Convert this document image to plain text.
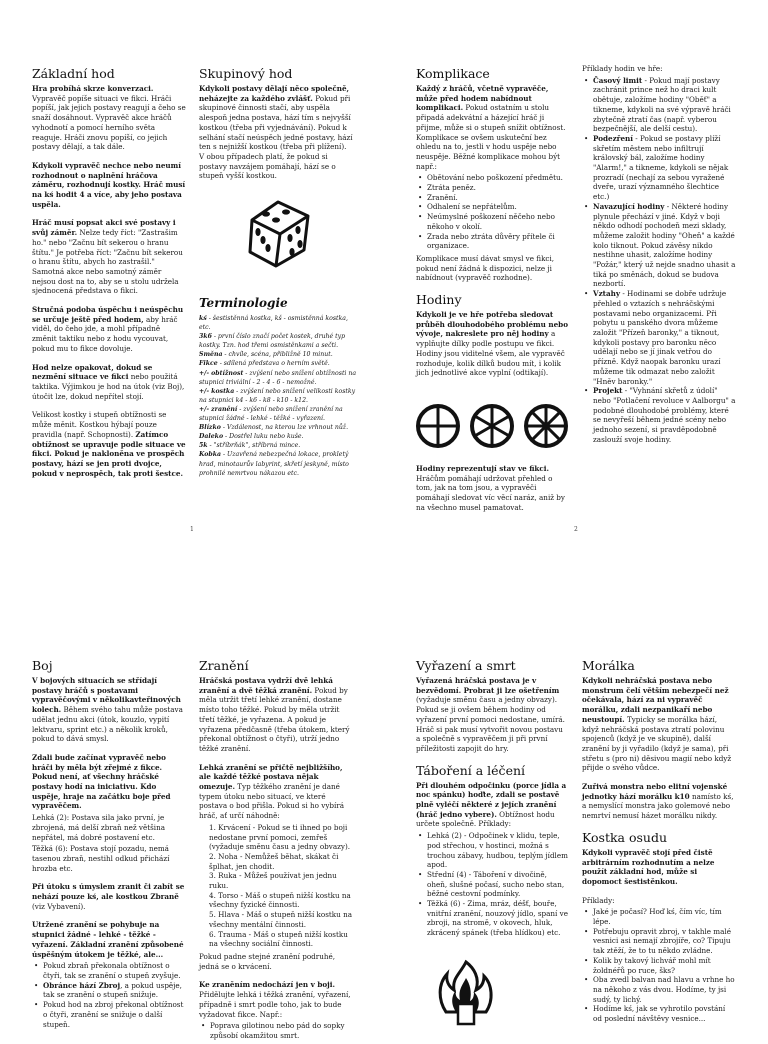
Základní hod

Hra probíhá skrze konverzaci. Vypravěč popíše situaci ve fikci. Hráči popíší, jak jejich postavy reagují a čeho se snaží dosáhnout. Vypravěč akce hráčů vyhodnotí a pomocí herního světa reaguje. Hráči znovu popíší, co jejich postavy dělají, a tak dále.

Kdykoli vypravěč nechce nebo neumí rozhodnout o naplnění hráčova záměru, rozhodnují kostky. Hráč musí na kś hodit 4 a více, aby jeho postava uspěla.

Hráč musí popsat akci své postavy i svůj záměr. Nelze tedy říct: "Zastrašim ho." nebo "Začnu bít sekerou o hranu štítu." Je potřeba říct: "Začnu bít sekerou o hranu štítu, abych ho zastrašil." Samotná akce nebo samotný záměr nejsou dost na to, aby se u stolu udržela sjednocená představa o fikci.

Stručná podoba úspěchu i neúspěchu se určuje ještě před hodem, aby hráč viděl, do čeho jde, a mohl případně změnit taktiku nebo z hodu vycouvat, pokud mu to fikce dovoluje.

Hod nelze opakovat, dokud se nezmění situace ve fikci nebo použitá taktika. Výjimkou je hod na útok (viz Boj), útočit lze, dokud nepřítel stojí.

Velikost kostky i stupeň obtížnosti se může měnit. Kostkou hýbají pouze pravidla (např. Schopnosti). Zatímco obtížnost se upravuje podle situace ve fikci. Pokud je nakloněna ve prospěch postavy, hází se jen proti dvojce, pokud v neprospěch, tak proti šestce.

Skupinový hod

Kdykoli postavy dělají něco společně, neházejte za každého zvlášť. Pokud při skupinové činnosti stačí, aby uspěla alespoň jedna postava, hází tím s nejvyšší kostkou (třeba při vyjednávání). Pokud k selhání stačí neúspěch jedné postavy, hází ten s nejnižší kostkou (třeba při plížení). V obou případech platí, že pokud si postavy navzájem pomáhají, hází se o stupeň vyšší kostkou.

Terminologie
kś - šestistěnná kostka, kš - osmistěnná kostka, etc.
3k6 - první číslo značí počet kostek, druhé typ kostky. Tzn. hod třemi osmistěnkami a sečti.
Směna - chvíle, scéna, přibližně 10 minut.
Fikce - sdílená představa o herním světě.
+/- obtížnost - zvýšení nebo snížení obtížnosti na stupnici triviální - 2 - 4 - 6 - nemožné.
+/- kostka - zvýšení nebo snížení velikosti kostky na stupnici k4 - k6 - k8 - k10 - k12.
+/- zranění - zvýšení nebo snížení zranění na stupnici žádné - lehké - těžké - vyřazení.
Blízko - Vzdálenost, na kterou lze vrhnout nůž.
Daleko - Dostřel luku nebo kuše.
5k - "stříbrňák", stříbrná mince.
Kobka - Uzavřená nebezpečná lokace, prokletý hrad, minotaurův labyrint, skřetí jeskyně, místo prohnilé nemrtvou nákazou etc.
1
Komplikace

Každý z hráčů, včetně vypravěče, může před hodem nabídnout komplikaci. Pokud ostatním u stolu připadá adekvátní a házející hráč ji přijme, může si o stupeň snížit obtížnost. Komplikace se ovšem uskuteční bez ohledu na to, jestli v hodu uspěje nebo neuspěje. Běžné komplikace mohou být např.:

• Obětování nebo poškození předmětu.
• Ztráta peněz.
• Zranění.
• Odhalení se nepřátelům.
• Neúmyslné poškození něčeho nebo někoho v okolí.
• Zrada nebo ztráta důvěry přítele či organizace.

Komplikace musí dávat smysl ve fikci, pokud není žádná k dispozici, nelze ji nabídnout (vypravěč rozhodne).

Hodiny

Kdykoli je ve hře potřeba sledovat průběh dlouhodobého problému nebo vývoje, nakreslete pro něj hodiny a vyplňujte dílky podle postupu ve fikci. Hodiny jsou viditelné všem, ale vypravěč rozhoduje, kolik dílků budou mít, i kolik jich jednotlivé akce vyplní (odtikají).

Hodiny reprezentují stav ve fikci. Hráčům pomáhají udržovat přehled o tom, jak na tom jsou, a vypravěči pomáhají sledovat víc věcí naráz, aniž by na všechno musel pamatovat.

Příklady hodin ve hře:

• Časový limit - Pokud mají postavy zachránit prince než ho draci kult obětuje, založíme hodiny "Oběť" a tikneme, kdykoli na své výpravě hráči zbytečně ztratí čas (např. vyberou bezpečnější, ale delší cestu).
• Podezření - Pokud se postavy plíží skřetím městem nebo infiltrují královský bál, založíme hodiny "Alarm!," a tikneme, kdykoli se nějak prozradí (nechají za sebou vyražené dveře, urazí významného šlechtice etc.)
• Navazující hodiny - Některé hodiny plynule přechází v jiné. Když v boji někdo odhodí pochodeň mezi sklady, můžeme založit hodiny "Oheň" a každé kolo tiknout. Pokud závěsy nikdo nestihne uhasit, založíme hodiny "Požár," který už nejde snadno uhasit a tiká po směnách, dokud se budova nezbortí.
• Vztahy - Hodinami se dobře udržuje přehled o vztazích s nehráčskými postavami nebo organizacemi. Při pobytu u panského dvora můžeme založit "Přízeň baronky," a tiknout, kdykoli postavy pro baronku něco udělají nebo se jí jinak vetřou do přízně. Když naopak baronku urazí můžeme tik odmazat nebo založit "Hněv baronky."
• Projekt - "Vyhnání skřetů z údolí" nebo "Potlačení revoluce v Aalborgu" a podobné dlouhodobé problémy, které se nevyřeší během jedné scény nebo jednoho sezení, si pravděpodobně zaslouží svoje hodiny.
2
Boj

V bojových situacích se střídají postavy hráčů s postavami vypravěčovými v několikavteřinových kolech. Během svého tahu může postava udělat jednu akci (útok, kouzlo, vypití lektvaru, sprint etc.) a několik kroků, pokud to dává smysl.

Zdali bude začínat vypravěč nebo hráči by měla být zřejmé z fikce. Pokud není, ať všechny hráčské postavy hodí na iniciativu. Kdo uspěje, hraje na začátku boje před vypravěčem.

Lehká (2): Postava sila jako první, je zbrojená, má delší zbraň než většina nepřátel, má dobré postavení etc.

Těžká (6): Postava stojí pozadu, nemá tasenou zbraň, nestihl odkud přichází hrozba etc.

Při útoku s úmyslem zranit či zabít se nehází pouze kś, ale kostkou Zbraně (viz Vybavení).

Utržené zranění se pohybuje na stupnici žádné - lehké - těžké - vyřazení. Základní zranění způsobené úspěšným útokem je těžké, ale...

• Pokud zbraň překonala obtížnost o čtyři, tak se zranění o stupeň zvyšuje.
• Obránce hází Zbroj, a pokud uspěje, tak se zranění o stupeň snižuje.
• Pokud hod na zbroj překonal obtížnost o čtyři, zranění se snižuje o další stupeň.
Zranění

Hráčská postava vydrží dvě lehká zranění a dvě těžká zranění. Pokud by měla utržit třetí lehké zranění, dostane místo toho těžké. Pokud by měla utržit třetí těžké, je vyřazena. A pokud je vyřazena předčasně (třeba útokem, který překonal obtížnost o čtyři), utrží jedno těžké zranění.

Lehká zranění se přičtě nejbližšího, ale každé těžké postava nějak omezuje. Typ těžkého zranění je dané typem útoku nebo situací, ve které postava o bod přišla. Pokud si ho vybírá hráč, ať určí náhodně:

1. Krvácení - Pokud se ti ihned po boji nedostane první pomoci, zemřeš (vyžaduje směnu času a jedny obvazy).
2. Noha - Nemůžeš běhat, skákat či šplhat, jen chodit.
3. Ruka - Můžeš používat jen jednu ruku.
4. Torso - Máš o stupeň nižší kostku na všechny fyzické činnosti.
5. Hlava - Máš o stupeň nižší kostku na všechny mentální činnosti.
6. Trauma - Máš o stupeň nižší kostku na všechny sociální činnosti.

Pokud padne stejné zranění podruhé, jedná se o krvácení.

Ke zraněním nedochází jen v boji. Přidělujte lehká i těžká zranění, vyřazení, případně i smrt podle toho, jak to bude vyžadovat fikce. Např.:

• Poprava gilotinou nebo pád do sopky způsobí okamžitou smrt.
Vyřazení a smrt

Vyřazená hráčská postava je v bezvědomí. Probrat ji lze ošetřením (vyžaduje směnu času a jedny obvazy). Pokud se ji ovšem během hodiny od vyřazení první pomoci nedostane, umírá. Hráč si pak musí vytvořit novou postavu a společně s vypravěčem ji při první příležitosti zapojit do hry.

Táboření a léčení

Při dlouhém odpočinku (porce jídla a noc spánku) hoďte, zdali se postavě plně vyléčí některé z jejích zranění (hráč jedno vybere). Obtížnost hodu určete společně. Příklady:

• Lehká (2) - Odpočinek v klidu, teple, pod střechou, v hostinci, možná s trochou zábavy, hudbou, teplým jídlem apod.
• Střední (4) - Táboření v divočině, oheň, slušné počasí, sucho nebo stan, běžné cestovní podmínky.
• Těžká (6) - Zima, mráz, déšť, bouře, vnitřní zranění, nouzový jídlo, spaní ve zbroji, na stromě, v okovech, hluk, zkrácený spánek (třeba hlídkou) etc.
Morálka

Kdykoli nehráčská postava nebo monstrum čelí větším nebezpečí než očekávala, hází za ni vypravěč morálku, zdali nezpanikaří nebo neustoupí. Typicky se morálka hází, když nehráčská postava ztratí polovinu spojenců (když je ve skupině), další zranění by ji vyřadilo (když je sama), při střetu s (pro ni) děsivou magií nebo když přijde o svého vůdce.

Zuřivá monstra nebo elitní vojenské jednotky hází morálku k10 namísto kś, a nemyslící monstra jako golemové nebo nemrtví nemusí házet morálku nikdy.

Kostka osudu

Kdykoli vypravěč stojí před čistě arbitrárním rozhodnutím a nelze použít základní hod, může si dopomoct šestistěnkou.

Příklady:

• Jaké je počasí? Hoď kś, čím víc, tím lépe.
• Potřebuju opravit zbroj, v takhle malé vesnici asi nemají zbrojíře, co? Tipuju tak ztěží, že to tu někdo zvládne.
• Kolik by takový lichvář mohl mít žoldnéřů po ruce, šks?
• Oba zvedl balvan nad hlavu a vrhne ho na někoho z vás dvou. Hodíme, ty jsi sudý, ty lichý.
• Hodíme kś, jak se vyhrotilo povstání od poslední návštěvy vesnice...
